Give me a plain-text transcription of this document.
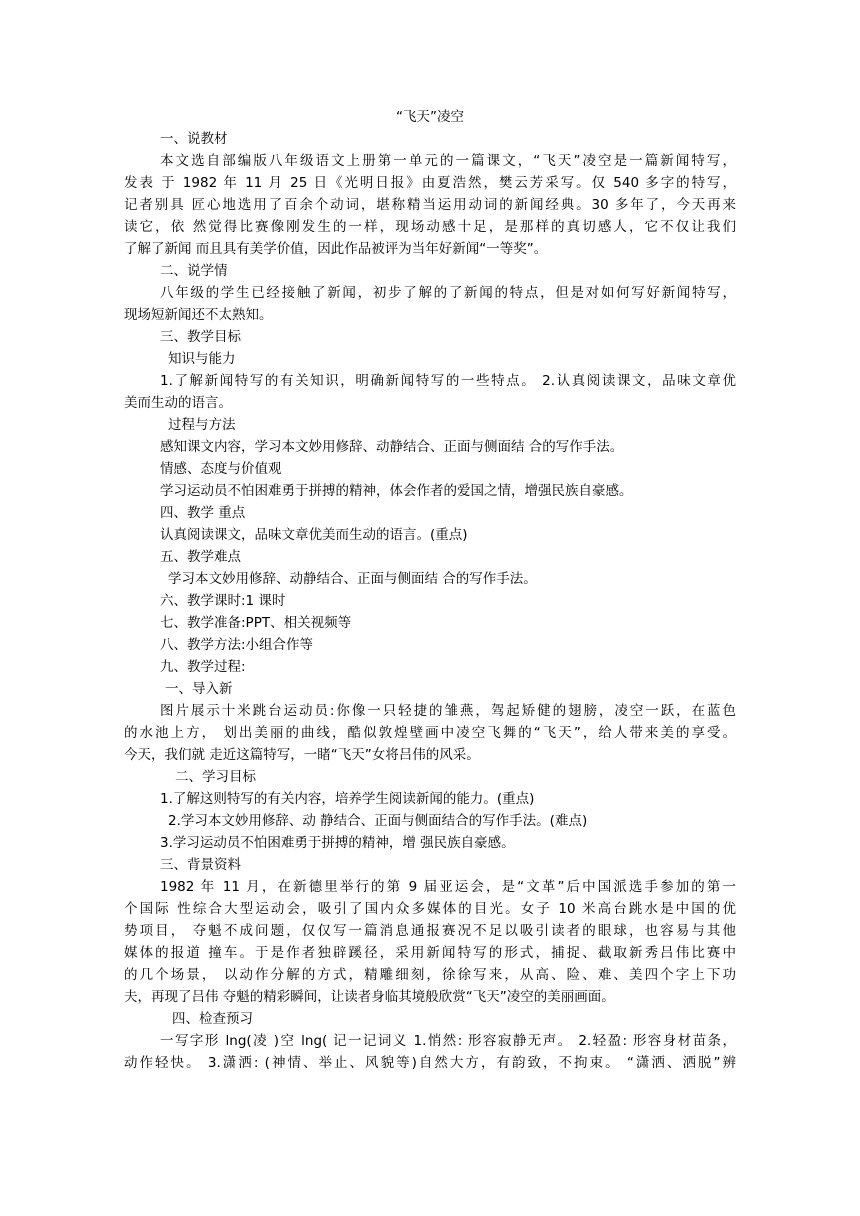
“飞天”凌空
一、说教材
本文选自部编版八年级语文上册第一单元的一篇课文，“飞天”凌空是一篇新闻特写，
发表 于 1982 年 11 月 25 日《光明日报》由夏浩然，樊云芳采写。仅 540 多字的特写，
记者别具 匠心地选用了百余个动词，堪称精当运用动词的新闻经典。30 多年了，今天再来
读它，依 然觉得比赛像刚发生的一样，现场动感十足，是那样的真切感人，它不仅让我们
了解了新闻 而且具有美学价值，因此作品被评为当年好新闻“一等奖”。
二、说学情
八年级的学生已经接触了新闻，初步了解的了新闻的特点，但是对如何写好新闻特写，
现场短新闻还不太熟知。
三、教学目标
知识与能力
1.了解新闻特写的有关知识，明确新闻特写的一些特点。 2.认真阅读课文，品味文章优
美而生动的语言。
过程与方法
感知课文内容，学习本文妙用修辞、动静结合、正面与侧面结 合的写作手法。
情感、态度与价值观
学习运动员不怕困难勇于拼搏的精神，体会作者的爱国之情，增强民族自豪感。
四、教学 重点
认真阅读课文，品味文章优美而生动的语言。(重点)
五、教学难点
学习本文妙用修辞、动静结合、正面与侧面结 合的写作手法。
六、教学课时:1 课时
七、教学准备:PPT、相关视频等
八、教学方法:小组合作等
九、教学过程:
一、导入新
图片展示十米跳台运动员:你像一只轻捷的雏燕，驾起矫健的翅膀，凌空一跃，在蓝色
的水池上方， 划出美丽的曲线，酷似敦煌壁画中凌空飞舞的“飞天”，给人带来美的享受。
今天，我们就 走近这篇特写，一睹“飞天”女将吕伟的风采。
二、学习目标
1.了解这则特写的有关内容，培养学生阅读新闻的能力。(重点)
2.学习本文妙用修辞、动 静结合、正面与侧面结合的写作手法。(难点)
3.学习运动员不怕困难勇于拼搏的精神，增 强民族自豪感。
三、背景资料
1982 年 11 月，在新德里举行的第 9 届亚运会，是“文革”后中国派选手参加的第一
个国际 性综合大型运动会，吸引了国内众多媒体的目光。女子 10 米高台跳水是中国的优
势项目， 夺魁不成问题，仅仅写一篇消息通报赛况不足以吸引读者的眼球，也容易与其他
媒体的报道 撞车。于是作者独辟蹊径，采用新闻特写的形式，捕捉、截取新秀吕伟比赛中
的几个场景， 以动作分解的方式，精雕细刻，徐徐写来，从高、险、难、美四个字上下功
夫，再现了吕伟 夺魁的精彩瞬间，让读者身临其境般欣赏“飞天”凌空的美丽画面。
四、检查预习
一写字形 lng(凌 )空 lng( 记一记词义 1.悄然: 形容寂静无声。 2.轻盈: 形容身材苗条，
动作轻快。 3.潇洒: (神情、举止、风貌等)自然大方，有韵致，不拘束。 “潇洒、洒脱”辨
